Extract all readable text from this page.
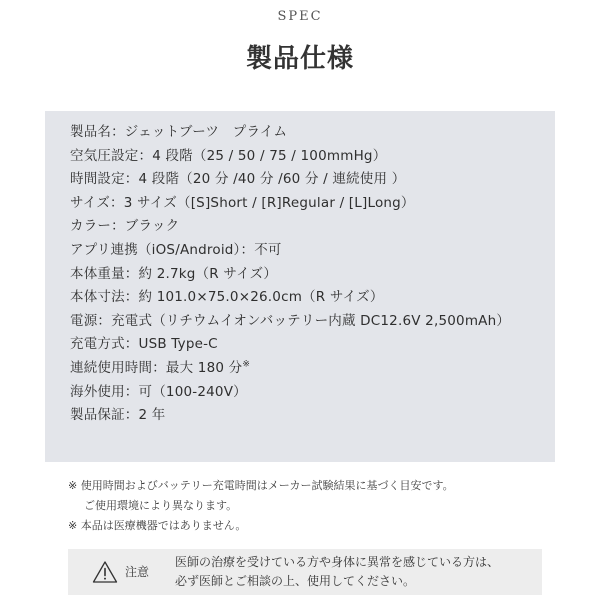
SPEC
製品仕様
製品名：ジェットブーツ　プライム
空気圧設定：4 段階（25 / 50 / 75 / 100mmHg）
時間設定：4 段階（20 分 /40 分 /60 分 / 連続使用 ）
サイズ：3 サイズ（[S]Short / [R]Regular / [L]Long）
カラー：ブラック
アプリ連携（iOS/Android）：不可
本体重量：約 2.7kg（R サイズ）
本体寸法：約 101.0×75.0×26.0cm（R サイズ）
電源：充電式（リチウムイオンバッテリー内蔵 DC12.6V 2,500mAh）
充電方式：USB Type-C
連続使用時間：最大 180 分※
海外使用：可（100-240V）
製品保証：2 年
※ 使用時間およびバッテリー充電時間はメーカー試験結果に基づく目安です。
ご使用環境により異なります。
※ 本品は医療機器ではありません。
注意
医師の治療を受けている方や身体に異常を感じている方は、
必ず医師とご相談の上、使用してください。
